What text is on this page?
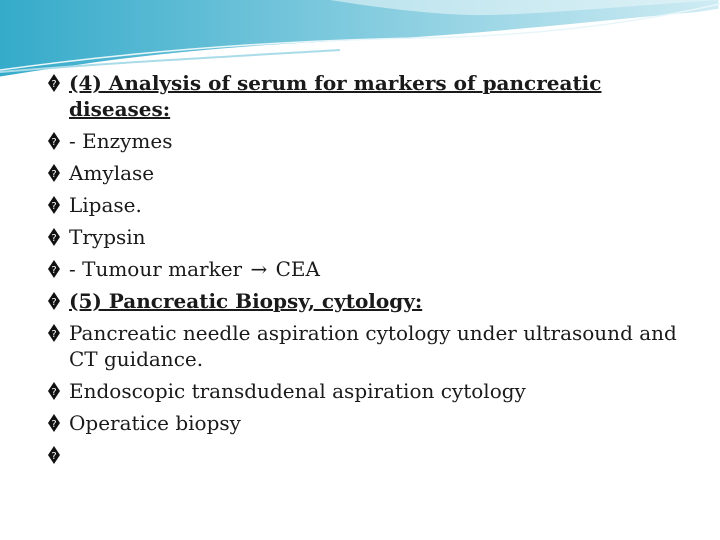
? (4) Analysis of serum for markers of pancreatic diseases:
? - Enzymes
? Amylase
? Lipase.
? Trypsin
? - Tumour marker → CEA
? (5) Pancreatic Biopsy, cytology:
? Pancreatic needle aspiration cytology under ultrasound and CT guidance.
? Endoscopic transdudenal aspiration cytology
? Operatice biopsy
?
